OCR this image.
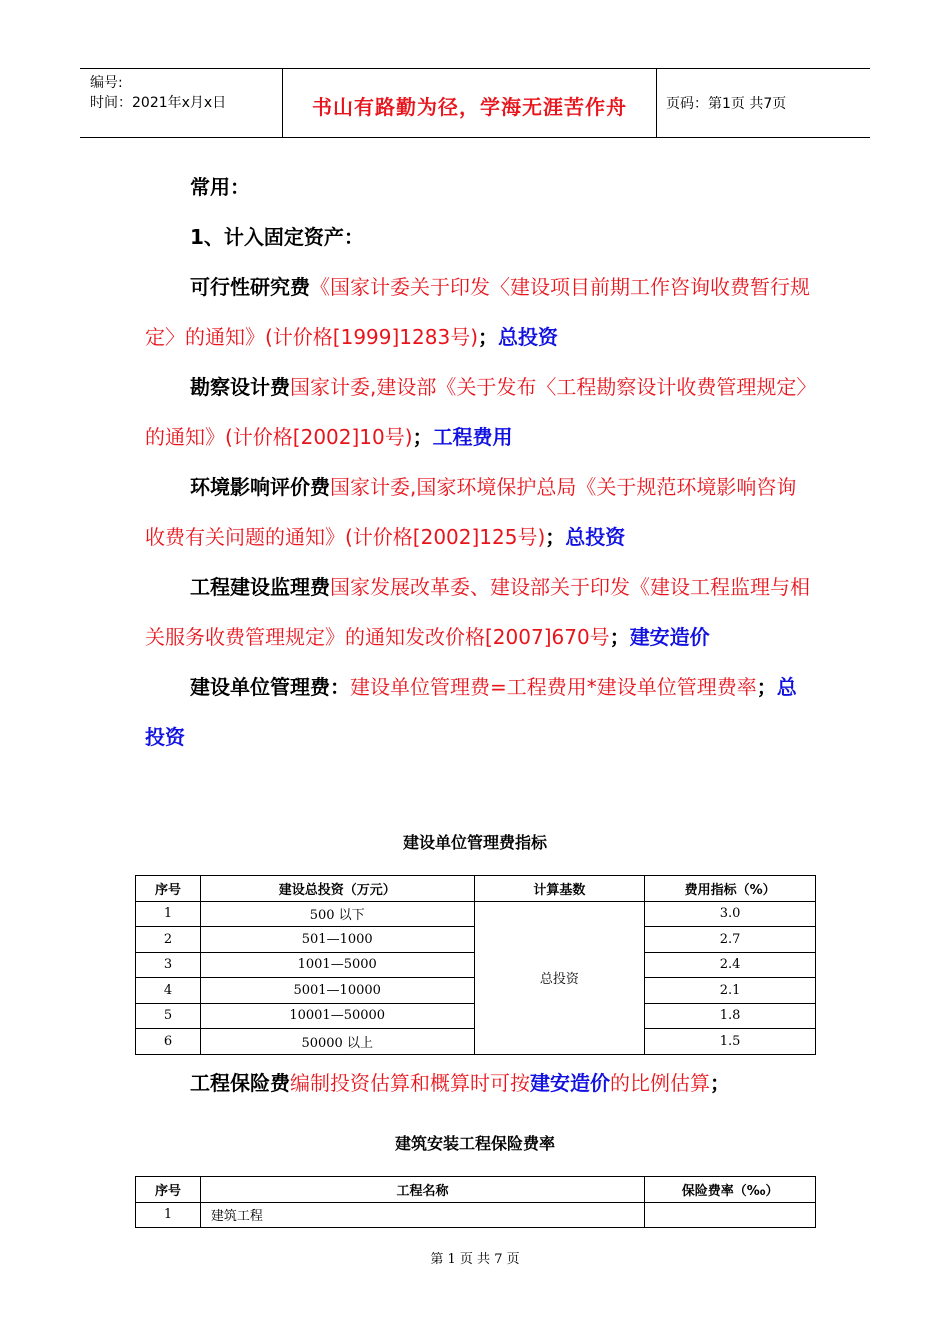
编号:
时间：2021年x月x日	书山有路勤为径，学海无涯苦作舟	页码：第1页 共7页

常用：

1、计入固定资产：

可行性研究费《国家计委关于印发〈建设项目前期工作咨询收费暂行规定〉的通知》(计价格[1999]1283号)；总投资

勘察设计费国家计委,建设部《关于发布〈工程勘察设计收费管理规定〉的通知》(计价格[2002]10号)；工程费用

环境影响评价费国家计委,国家环境保护总局《关于规范环境影响咨询收费有关问题的通知》(计价格[2002]125号)；总投资

工程建设监理费国家发展改革委、建设部关于印发《建设工程监理与相关服务收费管理规定》的通知发改价格[2007]670号；建安造价

建设单位管理费：建设单位管理费=工程费用*建设单位管理费率；总投资

建设单位管理费指标
序号	建设总投资（万元）	计算基数	费用指标（%）
1	500 以下	总投资	3.0
2	501—1000		2.7
3	1001—5000		2.4
4	5001—10000		2.1
5	10001—50000		1.8
6	50000 以上		1.5
工程保险费编制投资估算和概算时可按建安造价的比例估算；
建筑安装工程保险费率
序号	工程名称	保险费率（‰）
1	建筑工程	
第 1 页 共 7 页
